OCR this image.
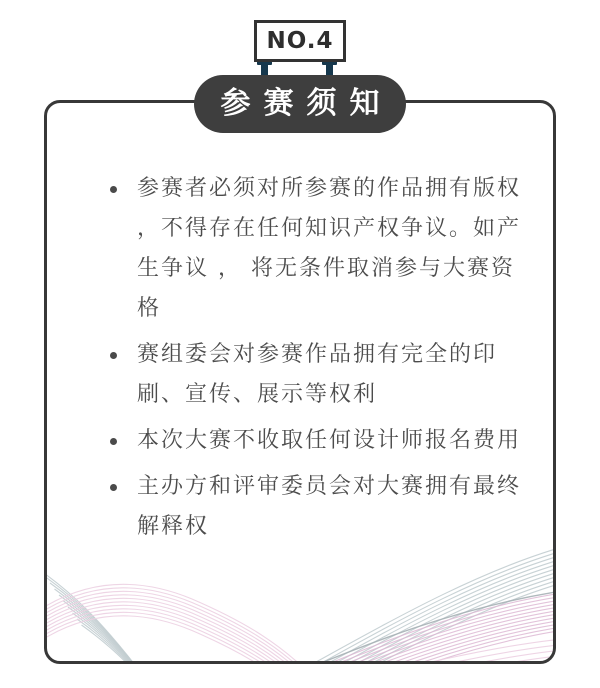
NO.4
参赛须知
参赛者必须对所参赛的作品拥有版权
，不得存在任何知识产权争议。如产
生争议 ， 将无条件取消参与大赛资
格
赛组委会对参赛作品拥有完全的印
刷、宣传、展示等权利
本次大赛不收取任何设计师报名费用
主办方和评审委员会对大赛拥有最终
解释权
